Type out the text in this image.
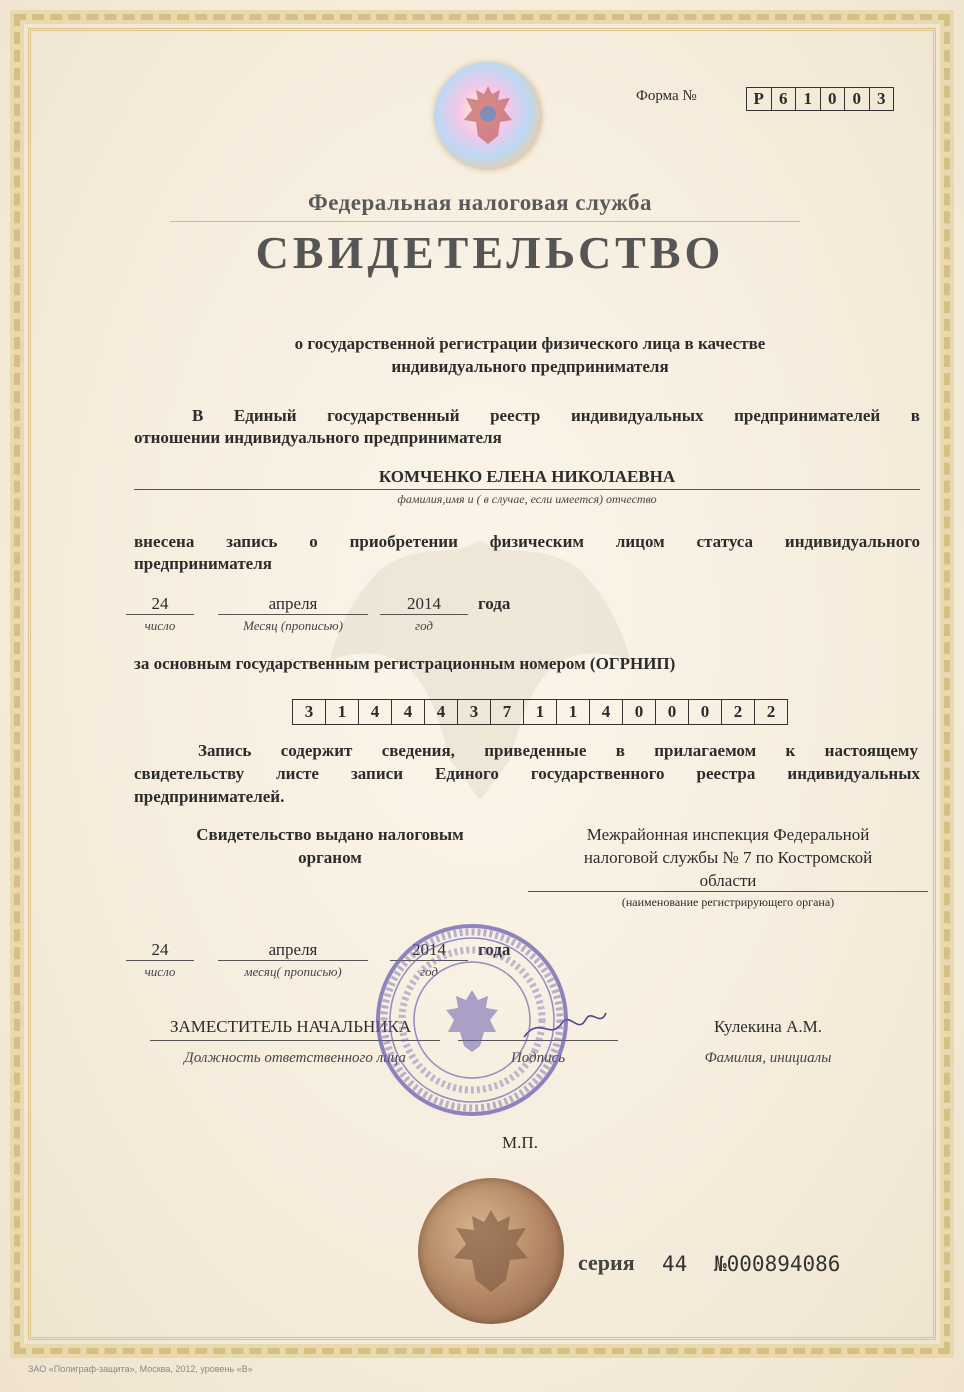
Форма №	Р 6 1 0 0 3
Федеральная налоговая служба
СВИДЕТЕЛЬСТВО
о государственной регистрации физического лица в качестве
индивидуального предпринимателя
В Единый государственный реестр индивидуальных предпринимателей в
отношении индивидуального предпринимателя
КОМЧЕНКО ЕЛЕНА НИКОЛАЕВНА
фамилия,имя и ( в случае, если имеется) отчество
внесена запись о приобретении физическим лицом статуса индивидуального
предпринимателя
24	апреля	2014	года
число	Месяц (прописью)	год
за основным государственным регистрационным номером (ОГРНИП)
3	1	4	4	4	3	7	1	1	4	0	0	0	2	2
Запись содержит сведения, приведенные в прилагаемом к настоящему
свидетельству листе записи Единого государственного реестра индивидуальных
предпринимателей.
Свидетельство выдано налоговым
органом
Межрайонная инспекция Федеральной
налоговой службы № 7 по Костромской
области
(наименование регистрирующего органа)
24	апреля	2014	года
число	месяц( прописью)	год
ЗАМЕСТИТЕЛЬ НАЧАЛЬНИКА
Должность ответственного лица	Подпись
Кулекина А.М.
Фамилия, инициалы
М.П.
серия 44 №000894086
ЗАО «Полиграф-защита», Москва, 2012, уровень «В»
